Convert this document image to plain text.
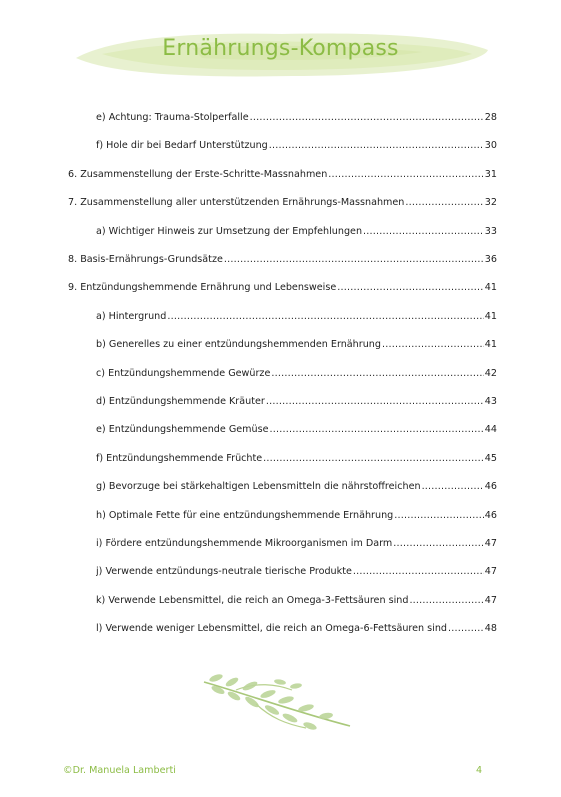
Ernährungs-Kompass
e) Achtung: Trauma-Stolperfalle .....	28
f) Hole dir bei Bedarf Unterstützung .....	30
6. Zusammenstellung der Erste-Schritte-Massnahmen .....	31
7. Zusammenstellung aller unterstützenden Ernährungs-Massnahmen .....	32
a) Wichtiger Hinweis zur Umsetzung der Empfehlungen .....	33
8. Basis-Ernährungs-Grundsätze .....	36
9. Entzündungshemmende Ernährung und Lebensweise .....	41
a) Hintergrund .....	41
b) Generelles zu einer entzündungshemmenden Ernährung .....	41
c) Entzündungshemmende Gewürze .....	42
d) Entzündungshemmende Kräuter .....	43
e) Entzündungshemmende Gemüse .....	44
f) Entzündungshemmende Früchte .....	45
g) Bevorzuge bei stärkehaltigen Lebensmitteln die nährstoffreichen .....	46
h) Optimale Fette für eine entzündungshemmende Ernährung .....	46
i) Fördere entzündungshemmende Mikroorganismen im Darm .....	47
j) Verwende entzündungs-neutrale tierische Produkte .....	47
k) Verwende Lebensmittel, die reich an Omega-3-Fettsäuren sind .....	47
l) Verwende weniger Lebensmittel, die reich an Omega-6-Fettsäuren sind .....	48
©Dr. Manuela Lamberti	4
